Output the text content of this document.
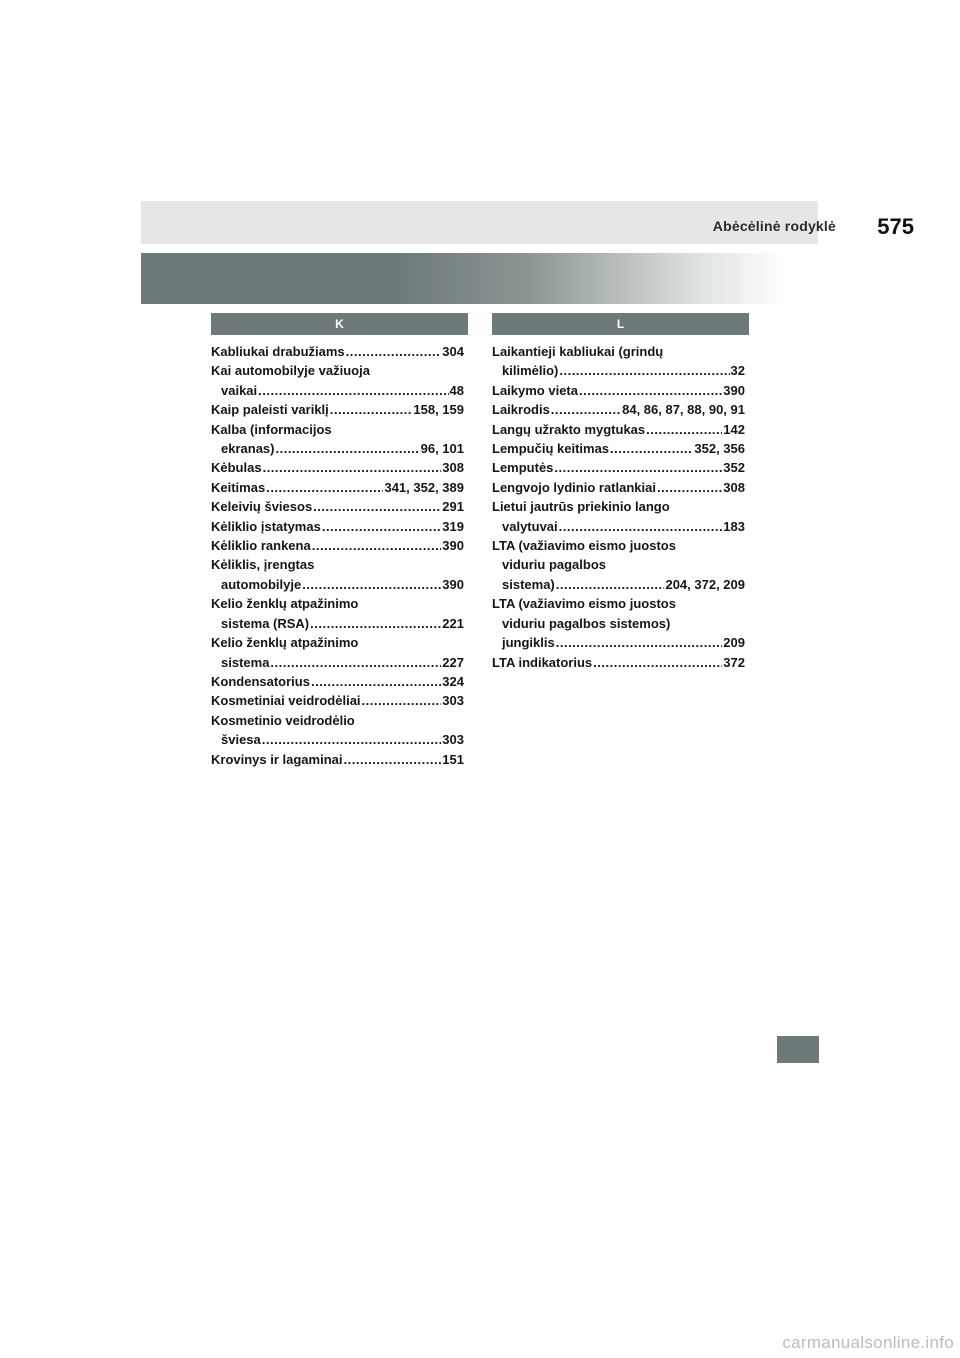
Abėcėlinė rodyklė 575
K	L
Kabliukai drabužiams .....	304
Kai automobilyje važiuoja
vaikai .....	48
Kaip paleisti variklį .....	158, 159
Kalba (informacijos
ekranas) .....	96, 101
Kėbulas .....	308
Keitimas .....	341, 352, 389
Keleivių šviesos .....	291
Kėliklio įstatymas .....	319
Kėliklio rankena .....	390
Kėliklis, įrengtas
automobilyje .....	390
Kelio ženklų atpažinimo
sistema (RSA) .....	221
Kelio ženklų atpažinimo
sistema .....	227
Kondensatorius .....	324
Kosmetiniai veidrodėliai .....	303
Kosmetinio veidrodėlio
šviesa .....	303
Krovinys ir lagaminai .....	151
Laikantieji kabliukai (grindų
kilimėlio) .....	32
Laikymo vieta .....	390
Laikrodis .....	84, 86, 87, 88, 90, 91
Langų užrakto mygtukas .....	142
Lempučių keitimas .....	352, 356
Lemputės .....	352
Lengvojo lydinio ratlankiai .....	308
Lietui jautrūs priekinio lango
valytuvai .....	183
LTA (važiavimo eismo juostos
viduriu pagalbos
sistema) .....	204, 372, 209
LTA (važiavimo eismo juostos
viduriu pagalbos sistemos)
jungiklis .....	209
LTA indikatorius .....	372
carmanualsonline.info
